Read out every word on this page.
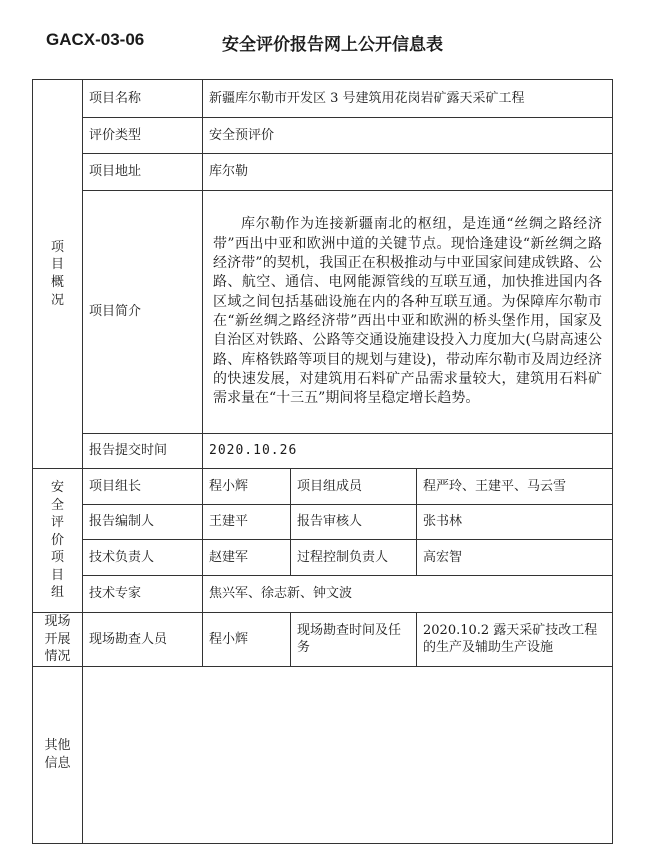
GACX-03-06	安全评价报告网上公开信息表
项目概况	项目名称	新疆库尔勒市开发区 3 号建筑用花岗岩矿露天采矿工程		
	评价类型	安全预评价		
	项目地址	库尔勒		
	项目简介	库尔勒作为连接新疆南北的枢纽，是连通“丝绸之路经济带”西出中亚和欧洲中道的关键节点。现恰逢建设“新丝绸之路经济带”的契机，我国正在积极推动与中亚国家间建成铁路、公路、航空、通信、电网能源管线的互联互通，加快推进国内各区域之间包括基础设施在内的各种互联互通。为保障库尔勒市在“新丝绸之路经济带”西出中亚和欧洲的桥头堡作用，国家及自治区对铁路、公路等交通设施建设投入力度加大(乌尉高速公路、库格铁路等项目的规划与建设)，带动库尔勒市及周边经济的快速发展，对建筑用石料矿产品需求量较大，建筑用石料矿需求量在“十三五”期间将呈稳定增长趋势。		

	报告提交时间	2020.10.26		
安全评价项目组	项目组长	程小辉	项目组成员	程严玲、王建平、马云雪
	报告编制人	王建平	报告审核人	张书林
	技术负责人	赵建军	过程控制负责人	高宏智
	技术专家	焦兴军、徐志新、钟文波		
现场开展情况	现场勘查人员	程小辉	现场勘查时间及任务	2020.10.2 露天采矿技改工程的生产及辅助生产设施
其他信息				
